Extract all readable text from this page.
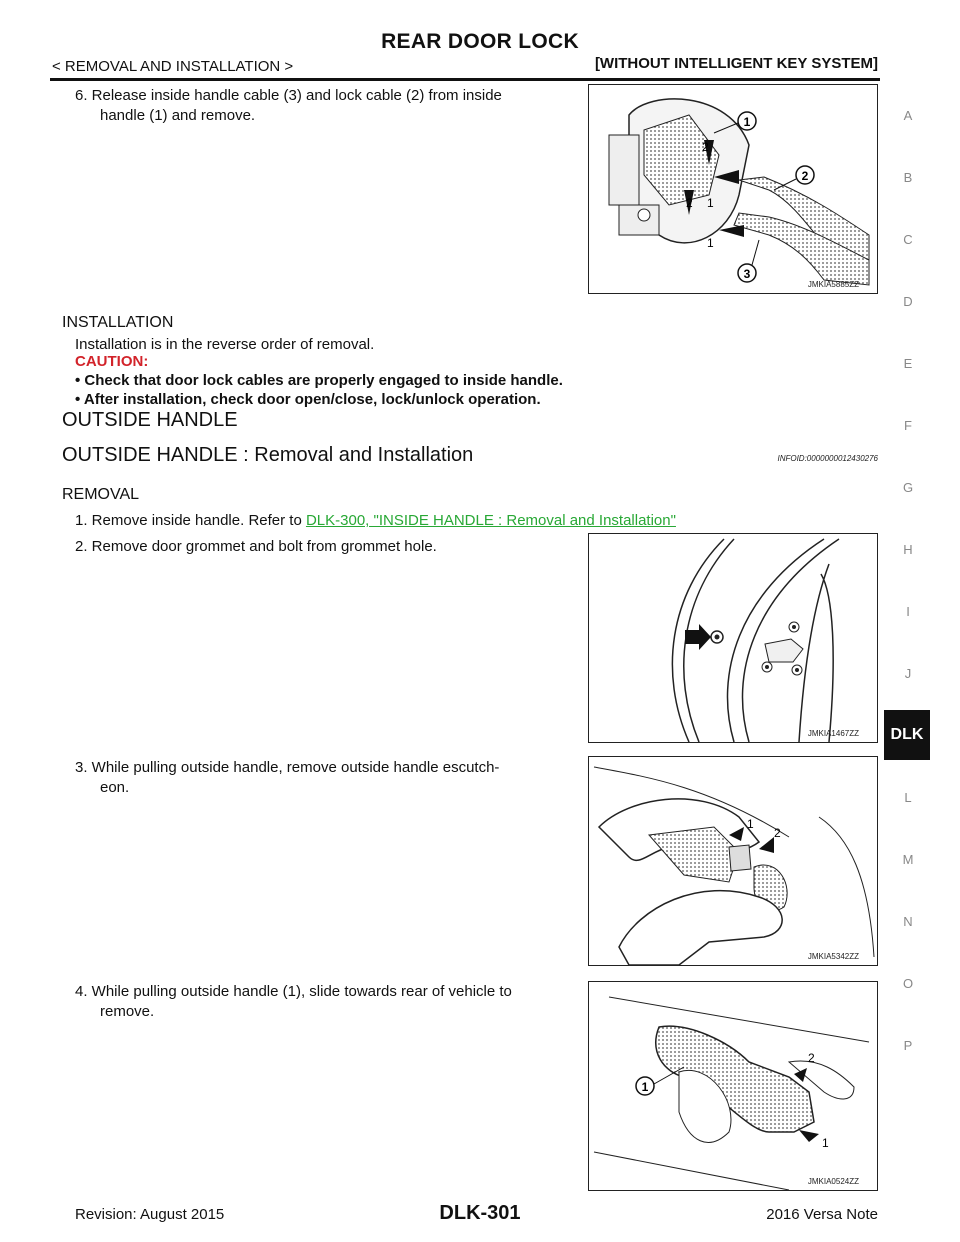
REAR DOOR LOCK
< REMOVAL AND INSTALLATION >	[WITHOUT INTELLIGENT KEY SYSTEM]
6. Release inside handle cable (3) and lock cable (2) from inside
handle (1) and remove.	1
2
3
2
2 1
1
JMKIA5885ZZ
INSTALLATION
Installation is in the reverse order of removal.
CAUTION:
• Check that door lock cables are properly engaged to inside handle.
• After installation, check door open/close, lock/unlock operation.
OUTSIDE HANDLE
OUTSIDE HANDLE : Removal and Installation	INFOID:0000000012430276
REMOVAL
1. Remove inside handle. Refer to DLK-300, "INSIDE HANDLE : Removal and Installation"
2. Remove door grommet and bolt from grommet hole.
JMKIA1467ZZ
3. While pulling outside handle, remove outside handle escutch-
eon.
1
2
JMKIA5342ZZ
4. While pulling outside handle (1), slide towards rear of vehicle to
remove.
1
2
1
JMKIA0524ZZ
A
B
C
D
E
F
G
H
I
J
DLK
L
M
N
O
P
Revision: August 2015	DLK-301	2016 Versa Note
